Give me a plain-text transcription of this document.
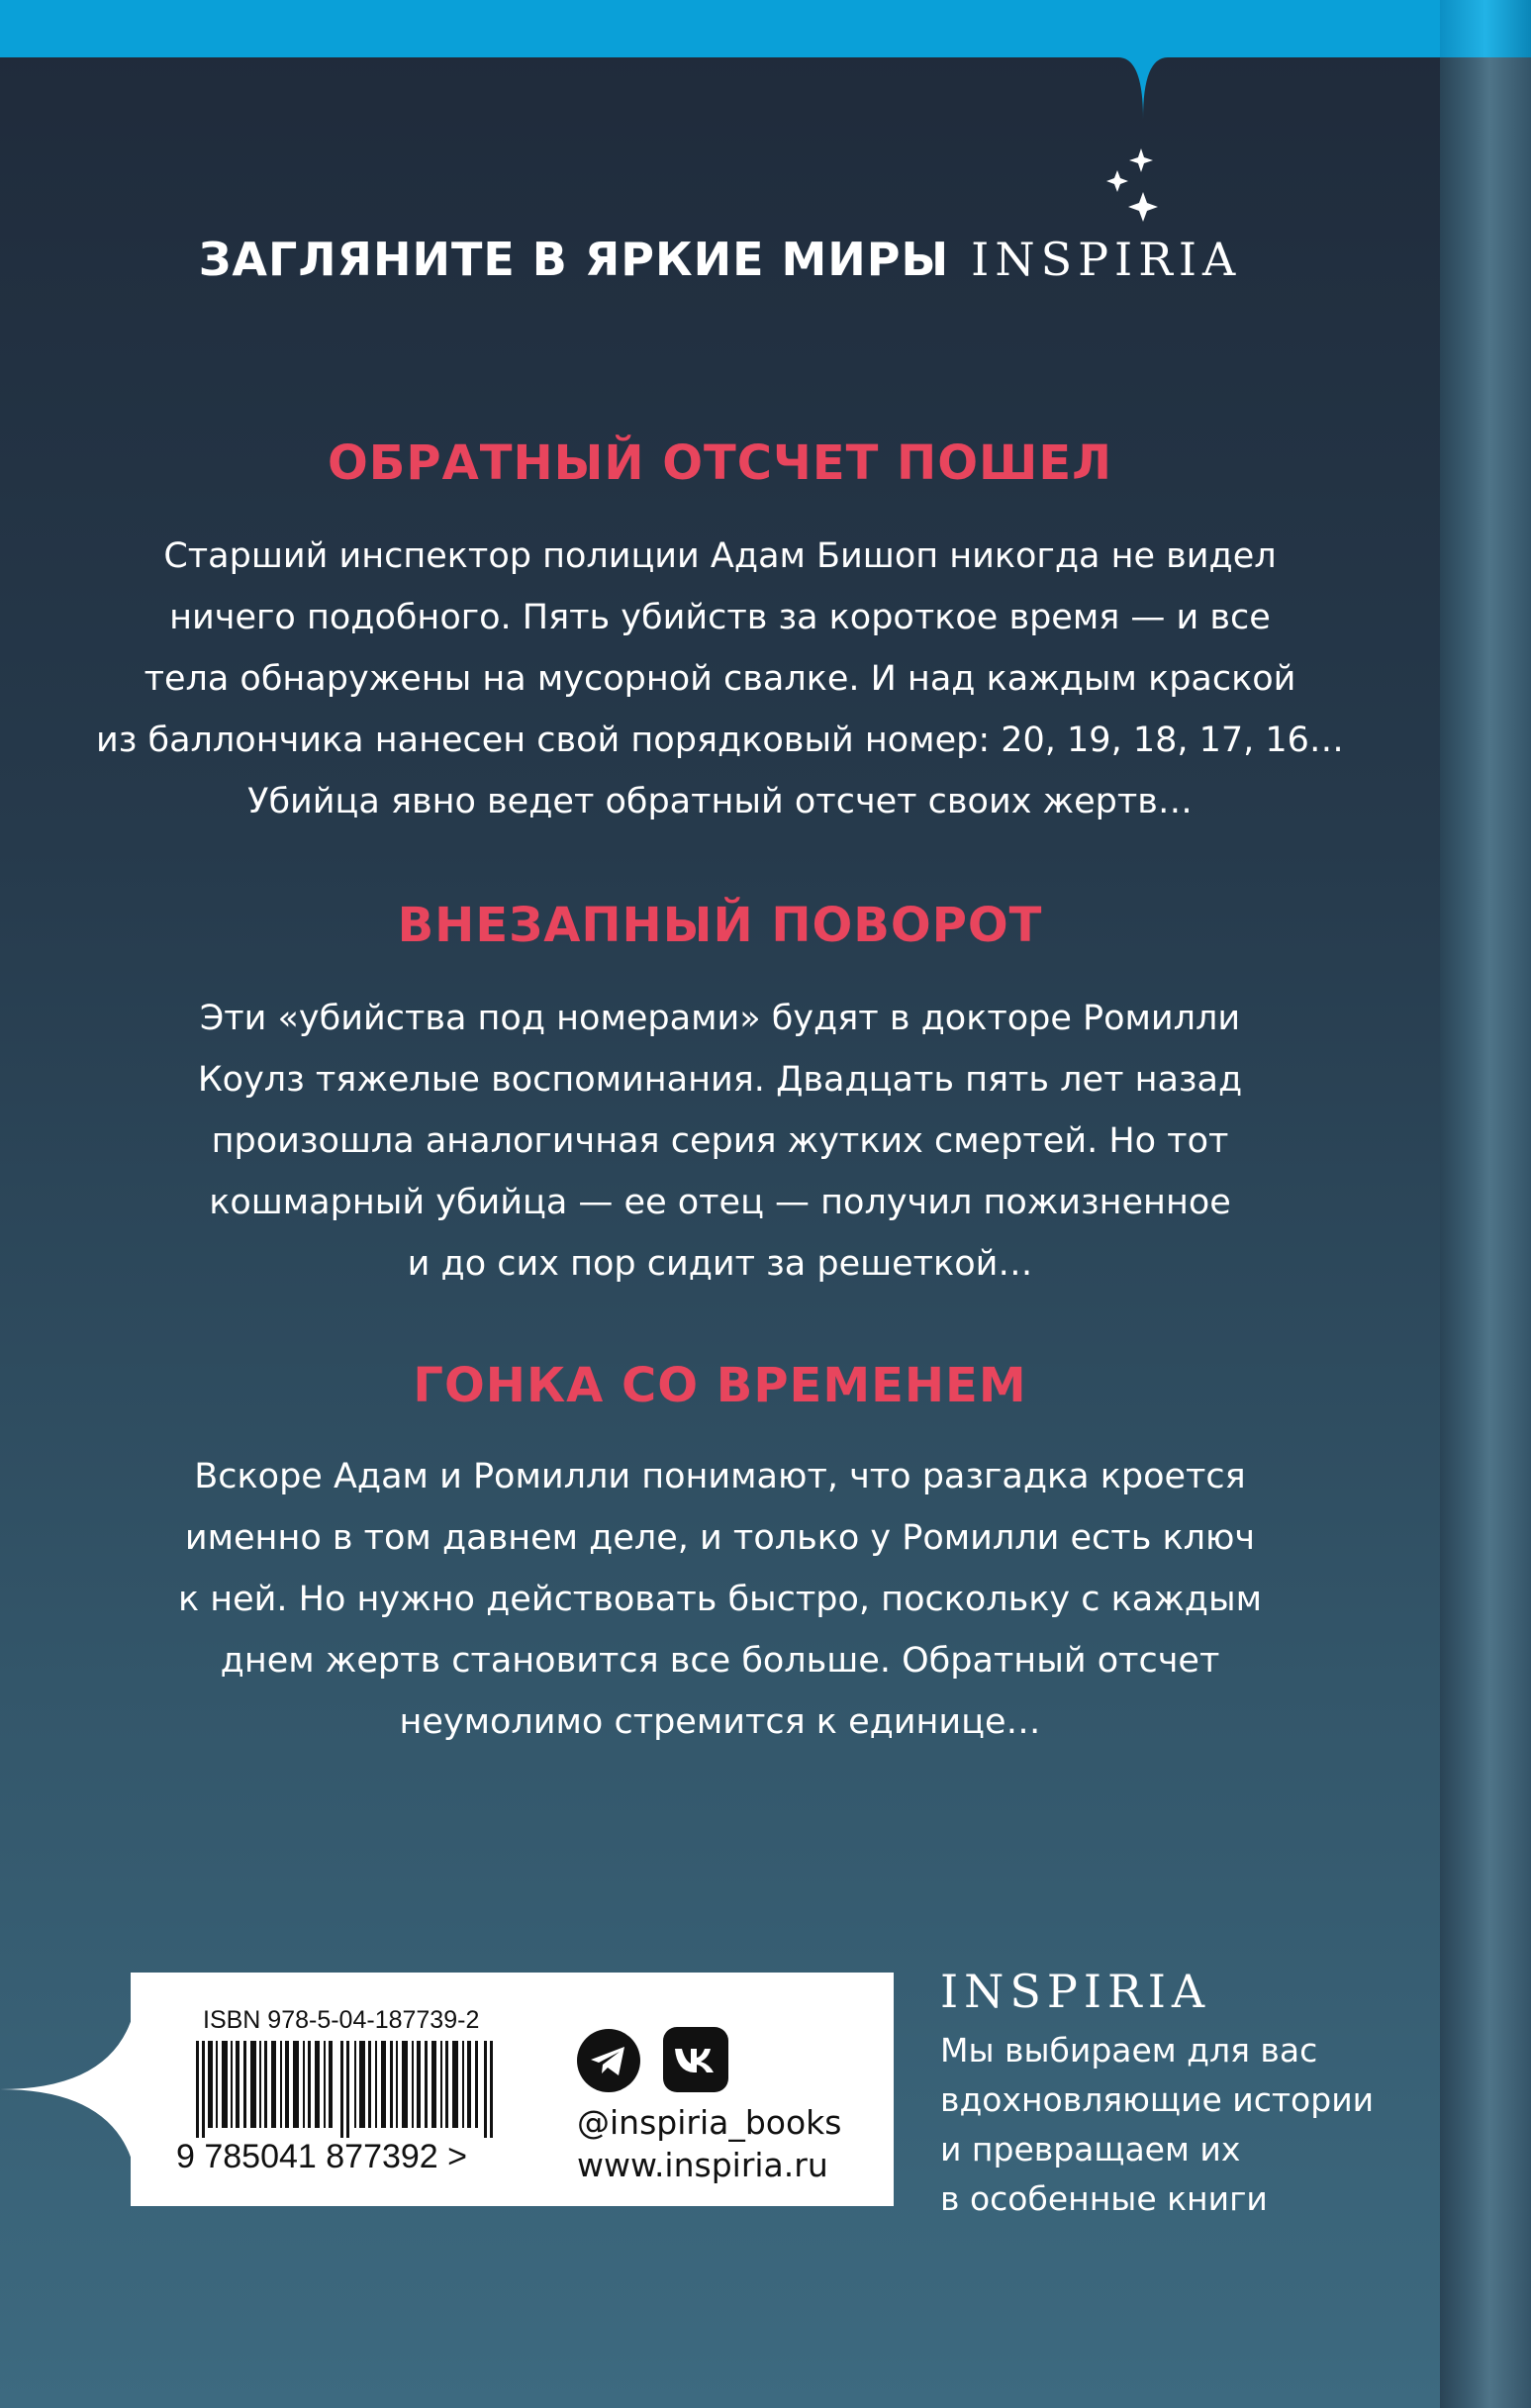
ЗАГЛЯНИТЕ В ЯРКИЕ МИРЫ INSPIRIA
ОБРАТНЫЙ ОТСЧЕТ ПОШЕЛ
Старший инспектор полиции Адам Бишоп никогда не видел
ничего подобного. Пять убийств за короткое время — и все
тела обнаружены на мусорной свалке. И над каждым краской
из баллончика нанесен свой порядковый номер: 20, 19, 18, 17, 16…
Убийца явно ведет обратный отсчет своих жертв…
ВНЕЗАПНЫЙ ПОВОРОТ
Эти «убийства под номерами» будят в докторе Ромилли
Коулз тяжелые воспоминания. Двадцать пять лет назад
произошла аналогичная серия жутких смертей. Но тот
кошмарный убийца — ее отец — получил пожизненное
и до сих пор сидит за решеткой…
ГОНКА СО ВРЕМЕНЕМ
Вскоре Адам и Ромилли понимают, что разгадка кроется
именно в том давнем деле, и только у Ромилли есть ключ
к ней. Но нужно действовать быстро, поскольку с каждым
днем жертв становится все больше. Обратный отсчет
неумолимо стремится к единице…
ISBN 978-5-04-187739-2
9 785041 877392 >
@inspiria_books
www.inspiria.ru
INSPIRIA
Мы выбираем для вас
вдохновляющие истории
и превращаем их
в особенные книги
